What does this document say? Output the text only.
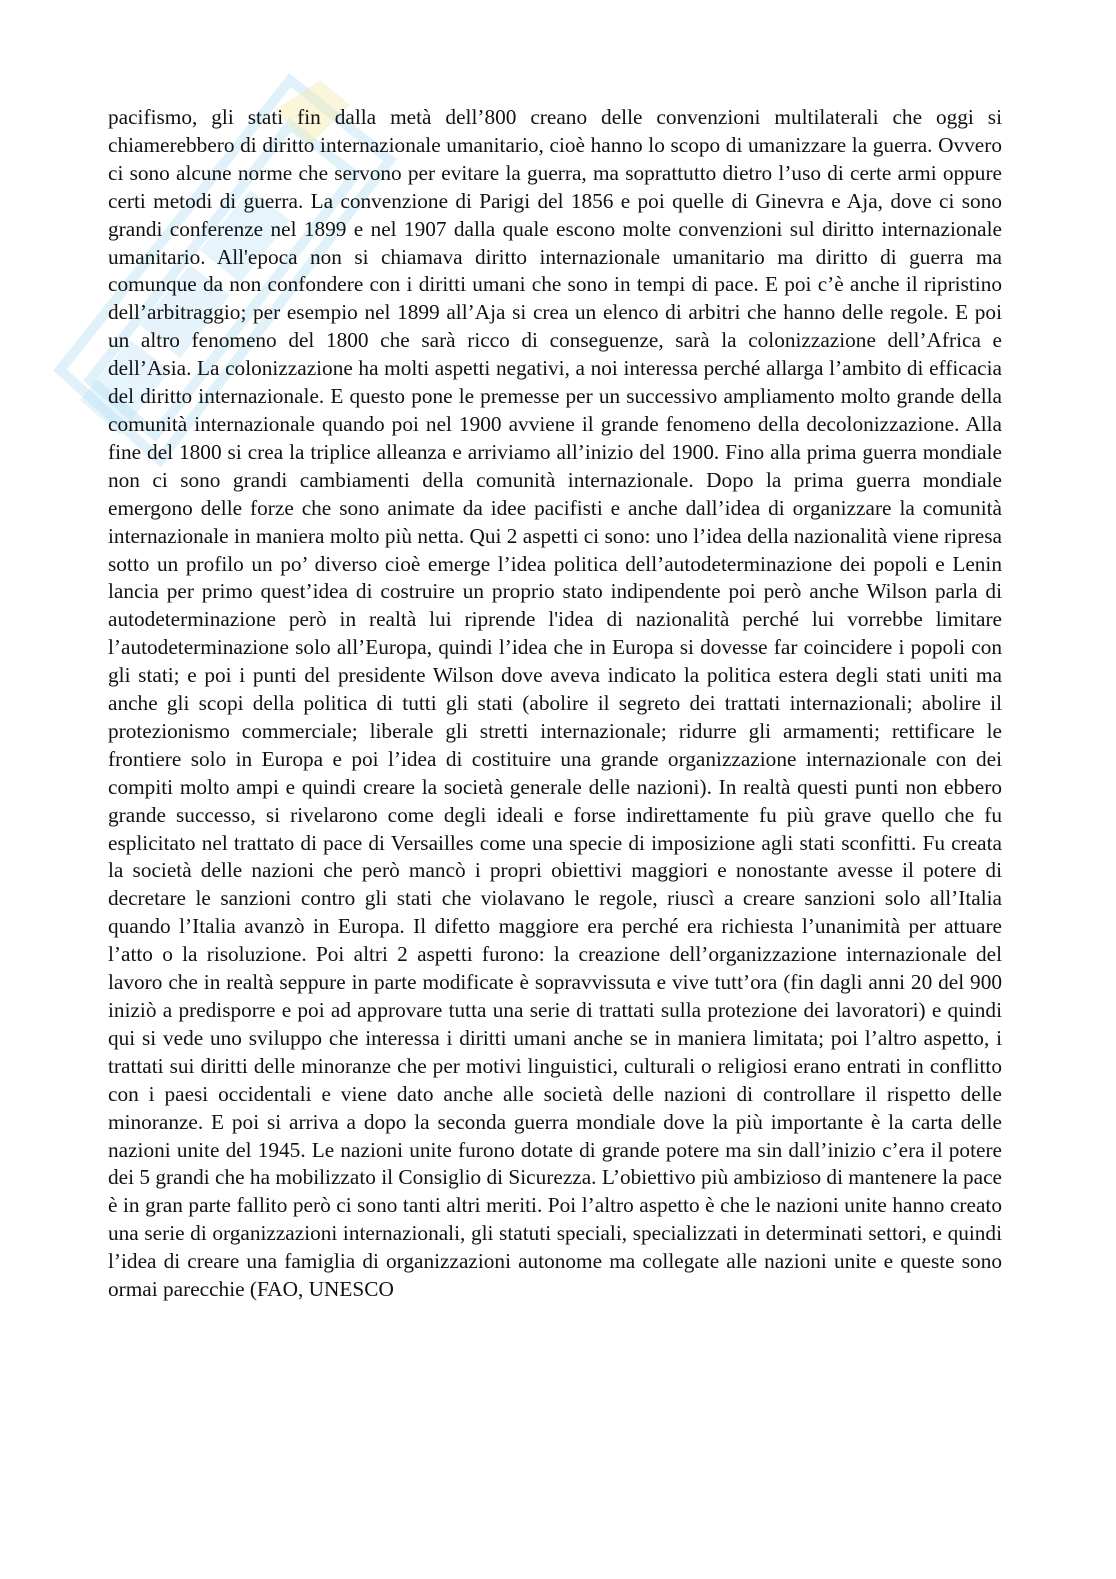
pacifismo, gli stati fin dalla metà dell’800 creano delle convenzioni multilaterali che oggi si chiamerebbero di diritto internazionale umanitario, cioè hanno lo scopo di umanizzare la guerra. Ovvero ci sono alcune norme che servono per evitare la guerra, ma soprattutto dietro l’uso di certe armi oppure certi metodi di guerra. La convenzione di Parigi del 1856 e poi quelle di Ginevra e Aja, dove ci sono grandi conferenze nel 1899 e nel 1907 dalla quale escono molte convenzioni sul diritto internazionale umanitario. All'epoca non si chiamava diritto internazionale umanitario ma diritto di guerra ma comunque da non confondere con i diritti umani che sono in tempi di pace. E poi c’è anche il ripristino dell’arbitraggio; per esempio nel 1899 all’Aja si crea un elenco di arbitri che hanno delle regole. E poi un altro fenomeno del 1800 che sarà ricco di conseguenze, sarà la colonizzazione dell’Africa e dell’Asia. La colonizzazione ha molti aspetti negativi, a noi interessa perché allarga l’ambito di efficacia del diritto internazionale. E questo pone le premesse per un successivo ampliamento molto grande della comunità internazionale quando poi nel 1900 avviene il grande fenomeno della decolonizzazione. Alla fine del 1800 si crea la triplice alleanza e arriviamo all’inizio del 1900. Fino alla prima guerra mondiale non ci sono grandi cambiamenti della comunità internazionale. Dopo la prima guerra mondiale emergono delle forze che sono animate da idee pacifisti e anche dall’idea di organizzare la comunità internazionale in maniera molto più netta. Qui 2 aspetti ci sono: uno l’idea della nazionalità viene ripresa sotto un profilo un po’ diverso cioè emerge l’idea politica dell’autodeterminazione dei popoli e Lenin lancia per primo quest’idea di costruire un proprio stato indipendente poi però anche Wilson parla di autodeterminazione però in realtà lui riprende l'idea di nazionalità perché lui vorrebbe limitare l’autodeterminazione solo all’Europa, quindi l’idea che in Europa si dovesse far coincidere i popoli con gli stati; e poi i punti del presidente Wilson dove aveva indicato la politica estera degli stati uniti ma anche gli scopi della politica di tutti gli stati (abolire il segreto dei trattati internazionali; abolire il protezionismo commerciale; liberale gli stretti internazionale; ridurre gli armamenti; rettificare le frontiere solo in Europa e poi l’idea di costituire una grande organizzazione internazionale con dei compiti molto ampi e quindi creare la società generale delle nazioni). In realtà questi punti non ebbero grande successo, si rivelarono come degli ideali e forse indirettamente fu più grave quello che fu esplicitato nel trattato di pace di Versailles come una specie di imposizione agli stati sconfitti. Fu creata la società delle nazioni che però mancò i propri obiettivi maggiori e nonostante avesse il potere di decretare le sanzioni contro gli stati che violavano le regole, riuscì a creare sanzioni solo all’Italia quando l’Italia avanzò in Europa. Il difetto maggiore era perché era richiesta l’unanimità per attuare l’atto o la risoluzione. Poi altri 2 aspetti furono: la creazione dell’organizzazione internazionale del lavoro che in realtà seppure in parte modificate è sopravvissuta e vive tutt’ora (fin dagli anni 20 del 900 iniziò a predisporre e poi ad approvare tutta una serie di trattati sulla protezione dei lavoratori) e quindi qui si vede uno sviluppo che interessa i diritti umani anche se in maniera limitata; poi l’altro aspetto, i trattati sui diritti delle minoranze che per motivi linguistici, culturali o religiosi erano entrati in conflitto con i paesi occidentali e viene dato anche alle società delle nazioni di controllare il rispetto delle minoranze. E poi si arriva a dopo la seconda guerra mondiale dove la più importante è la carta delle nazioni unite del 1945. Le nazioni unite furono dotate di grande potere ma sin dall’inizio c’era il potere dei 5 grandi che ha mobilizzato il Consiglio di Sicurezza. L’obiettivo più ambizioso di mantenere la pace è in gran parte fallito però ci sono tanti altri meriti. Poi l’altro aspetto è che le nazioni unite hanno creato una serie di organizzazioni internazionali, gli statuti speciali, specializzati in determinati settori, e quindi l’idea di creare una famiglia di organizzazioni autonome ma collegate alle nazioni unite e queste sono ormai parecchie (FAO, UNESCO
